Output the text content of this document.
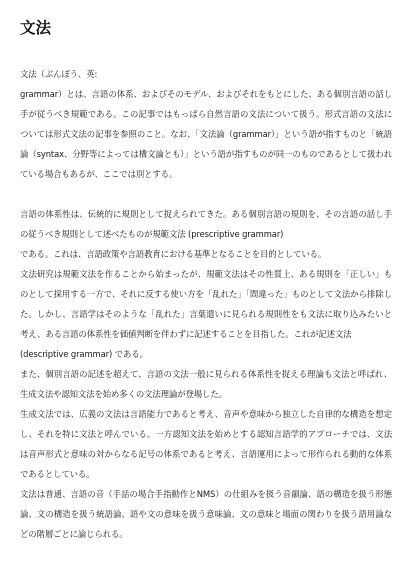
文法

文法（ぶんぽう、英:

grammar）とは、言語の体系、およびそのモデル、およびそれをもとにした、ある個別言語の話し手が従うべき規範である。この記事ではもっぱら自然言語の文法について扱う。形式言語の文法については形式文法の記事を参照のこと。なお、「文法論（grammar）」という語が指すものと「統語論（syntax、分野等によっては構文論とも）」という語が指すものが同一のものであるとして扱われている場合もあるが、ここでは別とする。

言語の体系性は、伝統的に規則として捉えられてきた。ある個別言語の規則を、その言語の話し手の従うべき規則として述べたものが規範文法 (prescriptive grammar)

である。これは、言語政策や言語教育における基準となることを目的としている。

文法研究は規範文法を作ることから始まったが、規範文法はその性質上、ある規則を「正しい」ものとして採用する一方で、それに反する使い方を「乱れた」「間違った」ものとして文法から排除した。しかし、言語学はそのような「乱れた」言葉遣いに見られる規則性をも文法に取り込みたいと考え、ある言語の体系性を価値判断を伴わずに記述することを目指した。これが記述文法

(descriptive grammar) である。

また、個別言語の記述を超えて、言語の文法一般に見られる体系性を捉える理論も文法と呼ばれ、生成文法や認知文法を始め多くの文法理論が登場した。

生成文法では、広義の文法は言語能力であると考え、音声や意味から独立した自律的な構造を想定し、それを特に文法と呼んでいる。一方認知文法を始めとする認知言語学的アプローチでは、文法は音声形式と意味の対からなる記号の体系であると考え、言語運用によって形作られる動的な体系であるとしている。

文法は普通、言語の音（手話の場合手指動作とNMS）の仕組みを扱う音韻論、語の構造を扱う形態論、文の構造を扱う統語論、語や文の意味を扱う意味論、文の意味と場面の関わりを扱う語用論などの階層ごとに論じられる。
